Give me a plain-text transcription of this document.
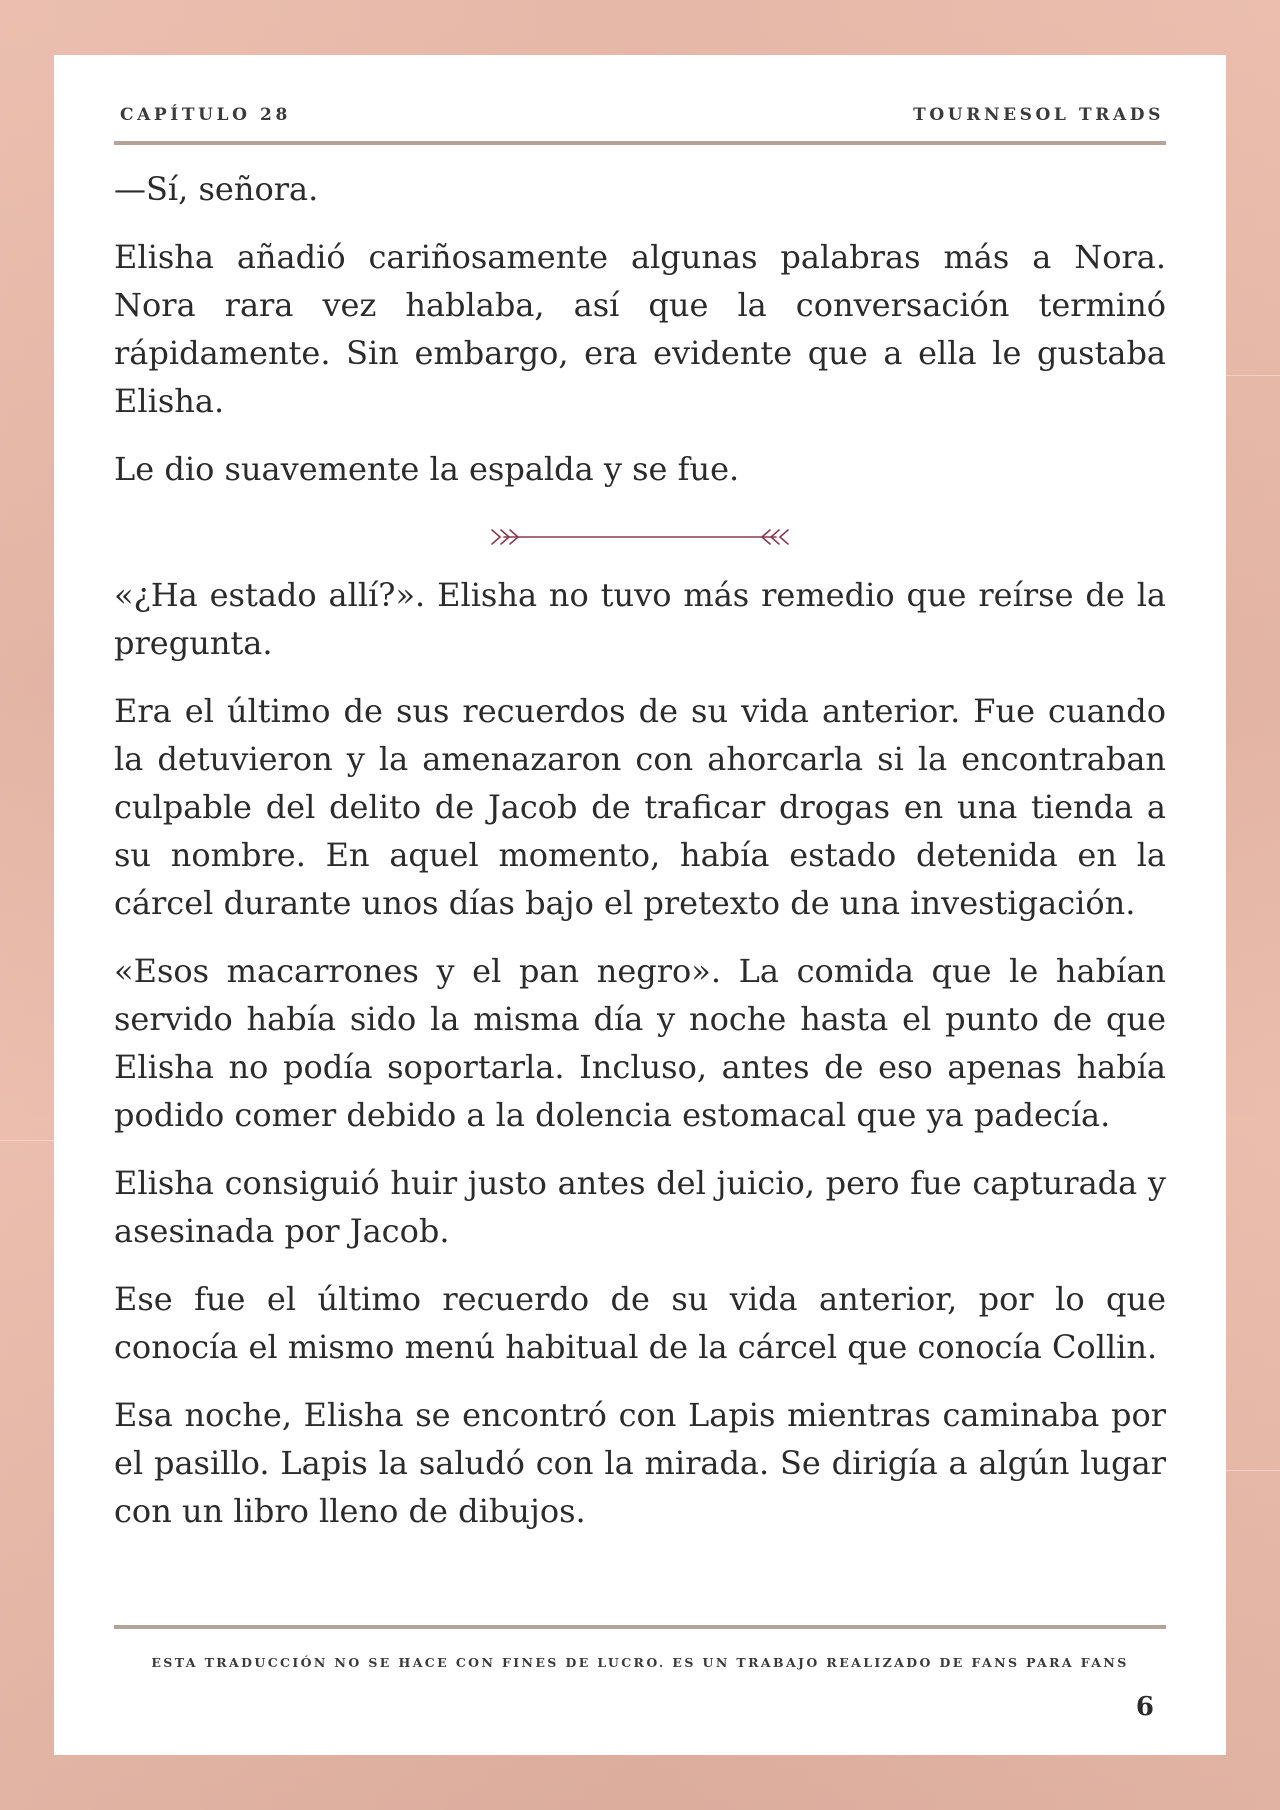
CAPÍTULO 28	TOURNESOL TRADS

—Sí, señora.

Elisha añadió cariñosamente algunas palabras más a Nora. Nora rara vez hablaba, así que la conversación terminó rápidamente. Sin embargo, era evidente que a ella le gustaba Elisha.

Le dio suavemente la espalda y se fue.

«¿Ha estado allí?». Elisha no tuvo más remedio que reírse de la pregunta.

Era el último de sus recuerdos de su vida anterior. Fue cuando la detuvieron y la amenazaron con ahorcarla si la encontraban culpable del delito de Jacob de traficar drogas en una tienda a su nombre. En aquel momento, había estado detenida en la cárcel durante unos días bajo el pretexto de una investigación.

«Esos macarrones y el pan negro». La comida que le habían servido había sido la misma día y noche hasta el punto de que Elisha no podía soportarla. Incluso, antes de eso apenas había podido comer debido a la dolencia estomacal que ya padecía.

Elisha consiguió huir justo antes del juicio, pero fue capturada y asesinada por Jacob.

Ese fue el último recuerdo de su vida anterior, por lo que conocía el mismo menú habitual de la cárcel que conocía Collin.

Esa noche, Elisha se encontró con Lapis mientras caminaba por el pasillo. Lapis la saludó con la mirada. Se dirigía a algún lugar con un libro lleno de dibujos.

ESTA TRADUCCIÓN NO SE HACE CON FINES DE LUCRO. ES UN TRABAJO REALIZADO DE FANS PARA FANS
6
